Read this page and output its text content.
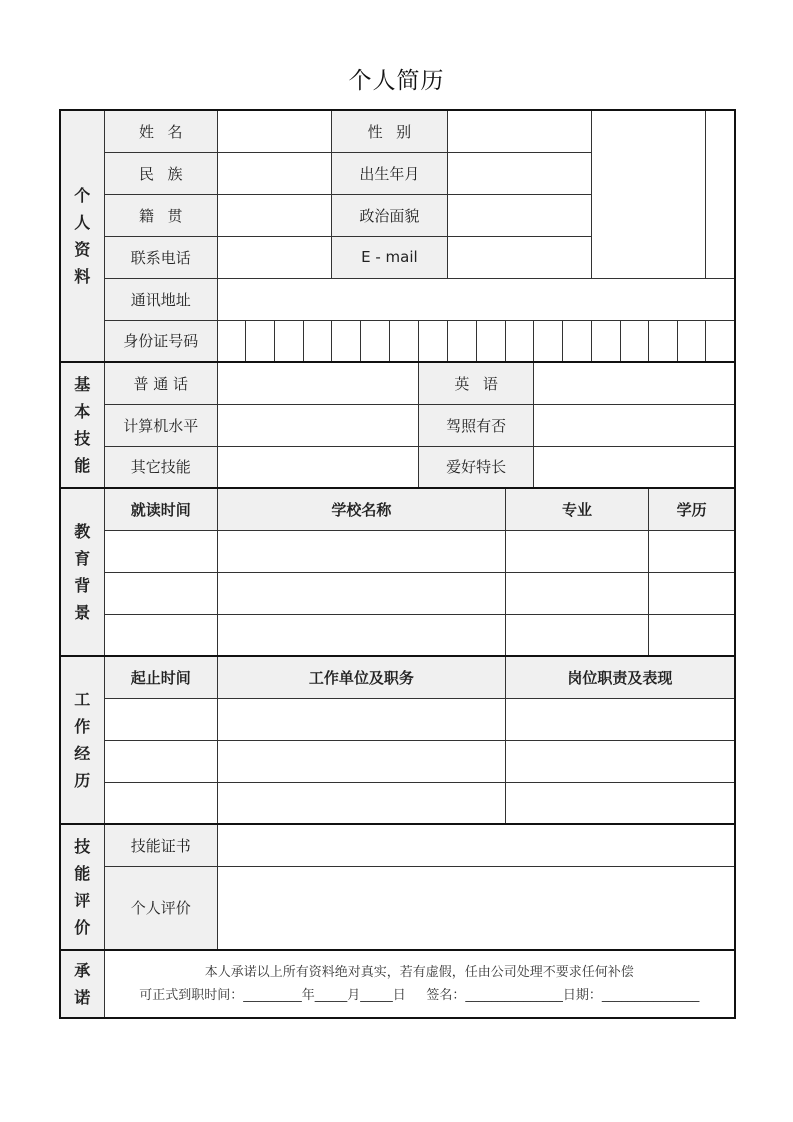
个人简历
个人资料	姓名					性别													
	民族					出生年月													
	籍贯					政治面貌													
	联系电话					E - mail													
	通讯地址																		
	身份证号码																		
基本技能	普 通 话								英语										
	计算机水平								驾照有否										
	其它技能								爱好特长										
教育背景	就读时间	学校名称										专业					学历		

工作经历	起止时间	工作单位及职务										岗位职责及表现							

技能评价	技能证书																		
	个人评价																		
承诺	本人承诺以上所有资料绝对真实，若有虚假，任由公司处理不要求任何补偿
可正式到职时间：_________年_____月_____日     签名：_______________日期：_______________																		
